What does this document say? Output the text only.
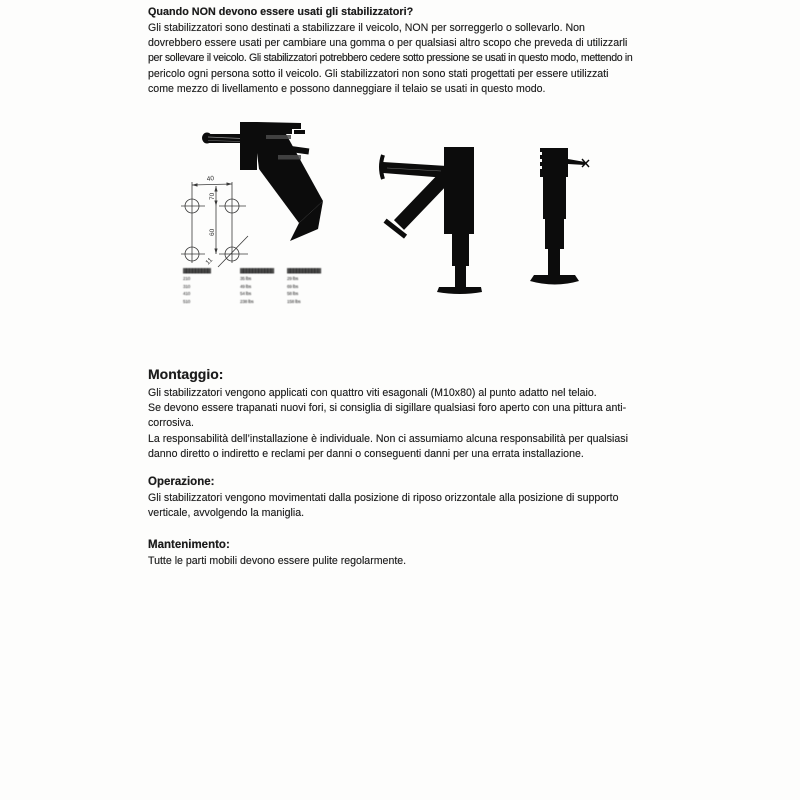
Quando NON devono essere usati gli stabilizzatori?
Gli stabilizzatori sono destinati a stabilizzare il veicolo, NON per sorreggerlo o sollevarlo. Non
dovrebbero essere usati per cambiare una gomma o per qualsiasi altro scopo che preveda di utilizzarli
per sollevare il veicolo. Gli stabilizzatori potrebbero cedere sotto pressione se usati in questo modo, mettendo in
pericolo ogni persona sotto il veicolo. Gli stabilizzatori non sono stati progettati per essere utilizzati
come mezzo di livellamento e possono danneggiare il telaio se usati in questo modo.
40
70
60
11
▓▓▓▓▓▓▓▓▓	▓▓▓▓▓▓▓▓▓▓▓	▓▓▓▓▓▓▓▓▓▓▓
210	35 lbs	29 lbs
310	49 lbs	69 lbs
410	54 lbs	58 lbs
510	238 lbs	158 lbs
Montaggio:
Gli stabilizzatori vengono applicati con quattro viti esagonali (M10x80) al punto adatto nel telaio.
Se devono essere trapanati nuovi fori, si consiglia di sigillare qualsiasi foro aperto con una pittura anti-
corrosiva.
La responsabilità dell’installazione è individuale. Non ci assumiamo alcuna responsabilità per qualsiasi
danno diretto o indiretto e reclami per danni o conseguenti danni per una errata installazione.
Operazione:
Gli stabilizzatori vengono movimentati dalla posizione di riposo orizzontale alla posizione di supporto
verticale, avvolgendo la maniglia.
Mantenimento:
Tutte le parti mobili devono essere pulite regolarmente.
